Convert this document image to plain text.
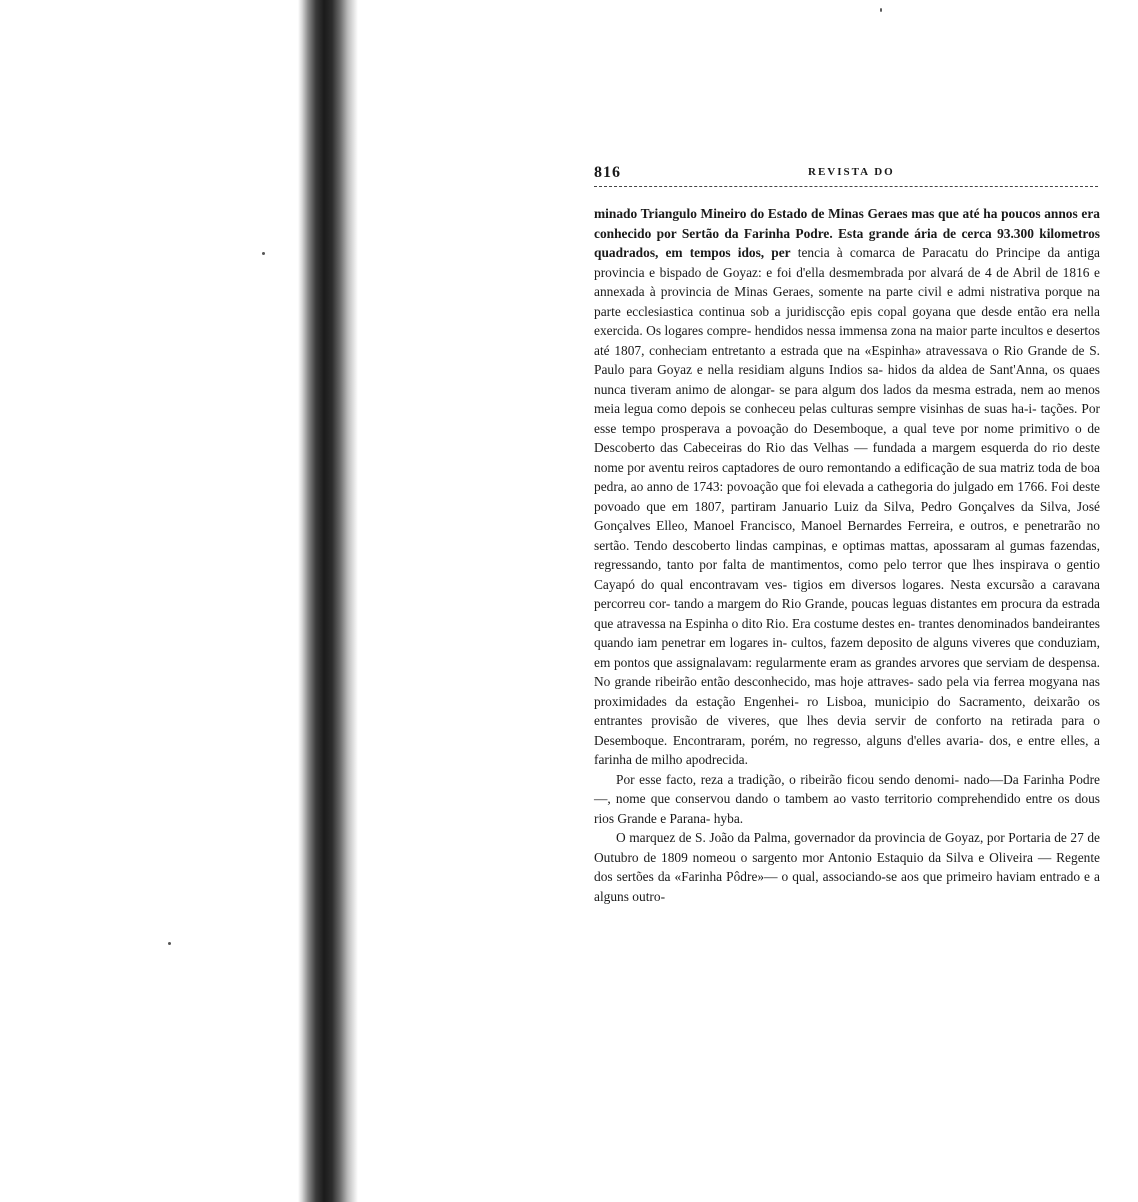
816	REVISTA DO

minado Triangulo Mineiro do Estado de Minas Geraes mas que até ha poucos annos era conhecido por Sertão da Farinha Podre. Esta grande ária de cerca 93.300 kilometros quadrados, em tempos idos, per tencia à comarca de Paracatu do Principe da antiga provincia e bispado de Goyaz: e foi d'ella desmembrada por alvará de 4 de Abril de 1816 e annexada à provincia de Minas Geraes, somente na parte civil e admi nistrativa porque na parte ecclesiastica continua sob a juridiscção epis copal goyana que desde então era nella exercida. Os logares compre- hendidos nessa immensa zona na maior parte incultos e desertos até 1807, conheciam entretanto a estrada que na «Espinha» atravessava o Rio Grande de S. Paulo para Goyaz e nella residiam alguns Indios sa- hidos da aldea de Sant'Anna, os quaes nunca tiveram animo de alongar- se para algum dos lados da mesma estrada, nem ao menos meia legua como depois se conheceu pelas culturas sempre visinhas de suas ha-i- tações. Por esse tempo prosperava a povoação do Desemboque, a qual teve por nome primitivo o de Descoberto das Cabeceiras do Rio das Velhas — fundada a margem esquerda do rio deste nome por aventu reiros captadores de ouro remontando a edificação de sua matriz toda de boa pedra, ao anno de 1743: povoação que foi elevada a cathegoria do julgado em 1766. Foi deste povoado que em 1807, partiram Januario Luiz da Silva, Pedro Gonçalves da Silva, José Gonçalves Elleo, Manoel Francisco, Manoel Bernardes Ferreira, e outros, e penetrarão no sertão. Tendo descoberto lindas campinas, e optimas mattas, apossaram al gumas fazendas, regressando, tanto por falta de mantimentos, como pelo terror que lhes inspirava o gentio Cayapó do qual encontravam ves- tigios em diversos logares. Nesta excursão a caravana percorreu cor- tando a margem do Rio Grande, poucas leguas distantes em procura da estrada que atravessa na Espinha o dito Rio. Era costume destes en- trantes denominados bandeirantes quando iam penetrar em logares in- cultos, fazem deposito de alguns viveres que conduziam, em pontos que assignalavam: regularmente eram as grandes arvores que serviam de despensa. No grande ribeirão então desconhecido, mas hoje attraves- sado pela via ferrea mogyana nas proximidades da estação Engenhei- ro Lisboa, municipio do Sacramento, deixarão os entrantes provisão de viveres, que lhes devia servir de conforto na retirada para o Desemboque. Encontraram, porém, no regresso, alguns d'elles avaria- dos, e entre elles, a farinha de milho apodrecida.

Por esse facto, reza a tradição, o ribeirão ficou sendo denomi- nado—Da Farinha Podre—, nome que conservou dando o tambem ao vasto territorio comprehendido entre os dous rios Grande e Parana- hyba.

O marquez de S. João da Palma, governador da provincia de Goyaz, por Portaria de 27 de Outubro de 1809 nomeou o sargento mor Antonio Estaquio da Silva e Oliveira — Regente dos sertões da «Farinha Pôdre»— o qual, associando-se aos que primeiro haviam entrado e a alguns outro-
